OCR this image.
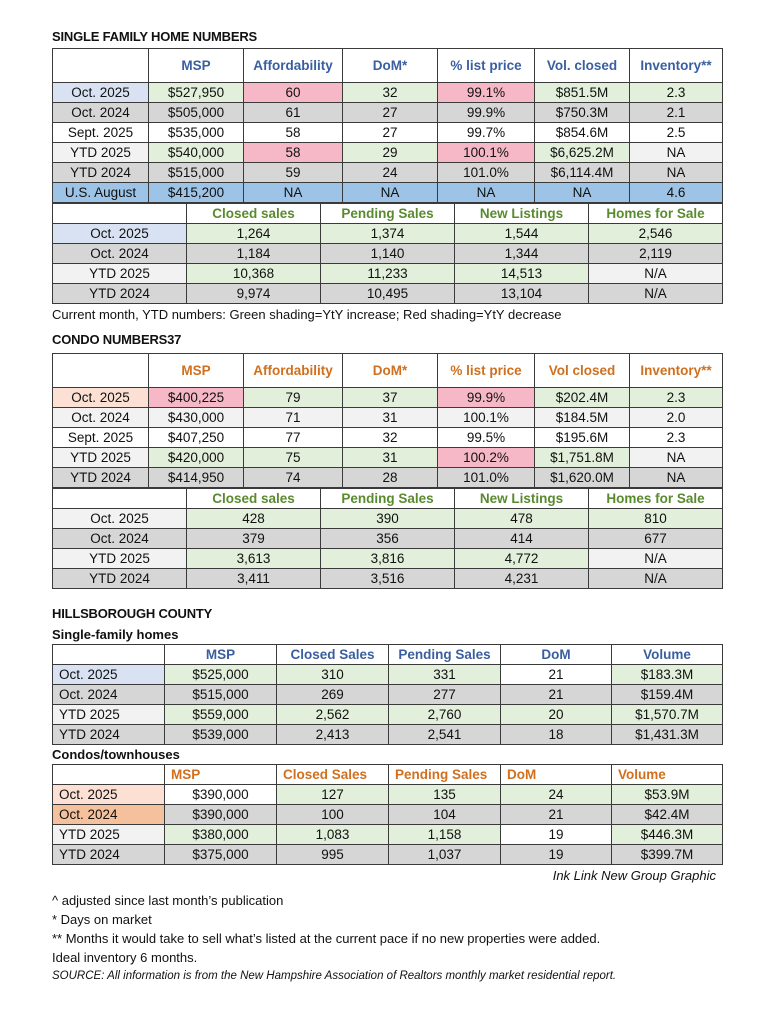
SINGLE FAMILY HOME NUMBERS

	MSP	Affordability	DoM*	% list price	Vol. closed	Inventory**
Oct. 2025	$527,950	60	32	99.1%	$851.5M	2.3
Oct. 2024	$505,000	61	27	99.9%	$750.3M	2.1
Sept. 2025	$535,000	58	27	99.7%	$854.6M	2.5
YTD 2025	$540,000	58	29	100.1%	$6,625.2M	NA
YTD 2024	$515,000	59	24	101.0%	$6,114.4M	NA
U.S. August	$415,200	NA	NA	NA	NA	4.6
	Closed sales	Pending Sales	New Listings	Homes for Sale
Oct. 2025	1,264	1,374	1,544	2,546
Oct. 2024	1,184	1,140	1,344	2,119
YTD 2025	10,368	11,233	14,513	N/A
YTD 2024	9,974	10,495	13,104	N/A

Current month, YTD numbers: Green shading=YtY increase; Red shading=YtY decrease

CONDO NUMBERS37

	MSP	Affordability	DoM*	% list price	Vol closed	Inventory**
Oct. 2025	$400,225	79	37	99.9%	$202.4M	2.3
Oct. 2024	$430,000	71	31	100.1%	$184.5M	2.0
Sept. 2025	$407,250	77	32	99.5%	$195.6M	2.3
YTD 2025	$420,000	75	31	100.2%	$1,751.8M	NA
YTD 2024	$414,950	74	28	101.0%	$1,620.0M	NA
	Closed sales	Pending Sales	New Listings	Homes for Sale
Oct. 2025	428	390	478	810
Oct. 2024	379	356	414	677
YTD 2025	3,613	3,816	4,772	N/A
YTD 2024	3,411	3,516	4,231	N/A

HILLSBOROUGH COUNTY

Single-family homes

	MSP	Closed Sales	Pending Sales	DoM	Volume
Oct. 2025	$525,000	310	331	21	$183.3M
Oct. 2024	$515,000	269	277	21	$159.4M
YTD 2025	$559,000	2,562	2,760	20	$1,570.7M
YTD 2024	$539,000	2,413	2,541	18	$1,431.3M

Condos/townhouses

	MSP	Closed Sales	Pending Sales	DoM	Volume
Oct. 2025	$390,000	127	135	24	$53.9M
Oct. 2024	$390,000	100	104	21	$42.4M
YTD 2025	$380,000	1,083	1,158	19	$446.3M
YTD 2024	$375,000	995	1,037	19	$399.7M

Ink Link New Group Graphic

^ adjusted since last month’s publication

* Days on market

** Months it would take to sell what’s listed at the current pace if no new properties were added.

Ideal inventory 6 months.

SOURCE: All information is from the New Hampshire Association of Realtors monthly market residential report.
